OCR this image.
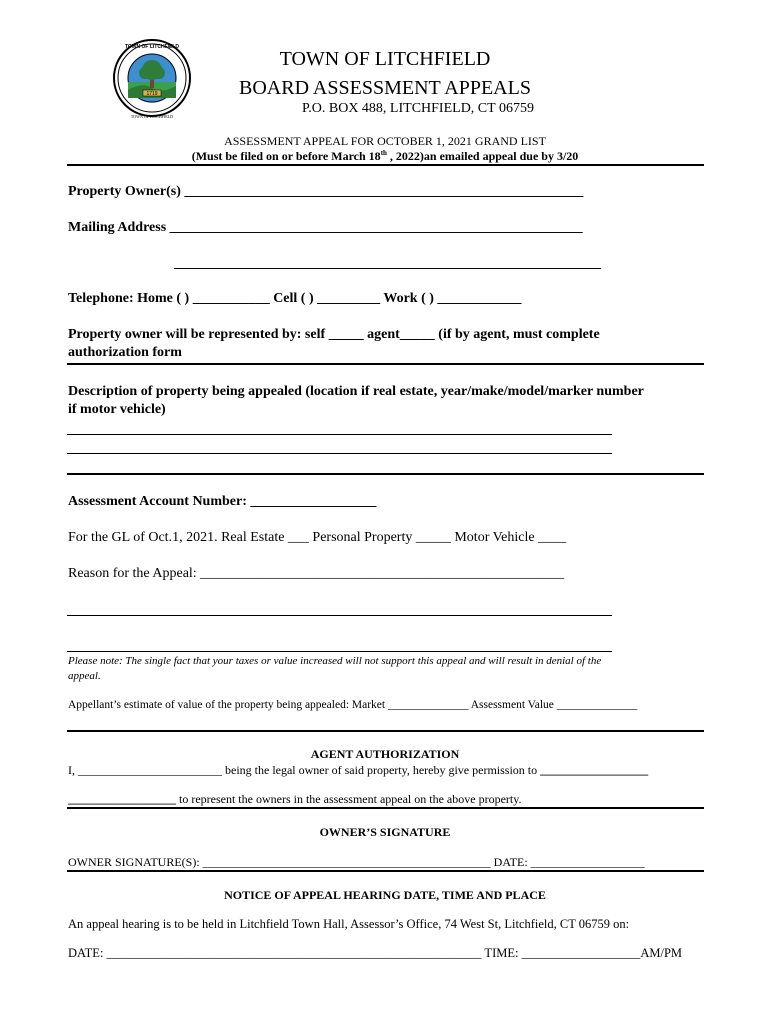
1719
TOWN OF LITCHFIELD
TOWN OF LITCHFIELD
TOWN OF LITCHFIELD
BOARD ASSESSMENT APPEALS
P.O. BOX 488, LITCHFIELD, CT 06759
ASSESSMENT APPEAL FOR OCTOBER 1, 2021 GRAND LIST
(Must be filed on or before March 18th , 2022)an emailed appeal due by 3/20
Property Owner(s) _________________________________________________________
Mailing Address ___________________________________________________________
_____________________________________________________________
Telephone: Home ( ) ___________ Cell ( ) _________ Work ( ) ____________
Property owner will be represented by: self _____ agent_____ (if by agent, must complete
authorization form
Description of property being appealed (location if real estate, year/make/model/marker number
if motor vehicle)
Assessment Account Number: __________________
For the GL of Oct.1, 2021. Real Estate ___ Personal Property _____ Motor Vehicle ____
Reason for the Appeal: ____________________________________________________
Please note: The single fact that your taxes or value increased will not support this appeal and will result in denial of the
appeal.
Appellant’s estimate of value of the property being appealed: Market ______________ Assessment Value ______________
AGENT AUTHORIZATION
I, ________________________ being the legal owner of said property, hereby give permission to __________________
__________________ to represent the owners in the assessment appeal on the above property.
OWNER’S SIGNATURE
OWNER SIGNATURE(S): ________________________________________________ DATE: ___________________
NOTICE OF APPEAL HEARING DATE, TIME AND PLACE
An appeal hearing is to be held in Litchfield Town Hall, Assessor’s Office, 74 West St, Litchfield, CT 06759 on:
DATE: ____________________________________________________________ TIME: ___________________AM/PM
